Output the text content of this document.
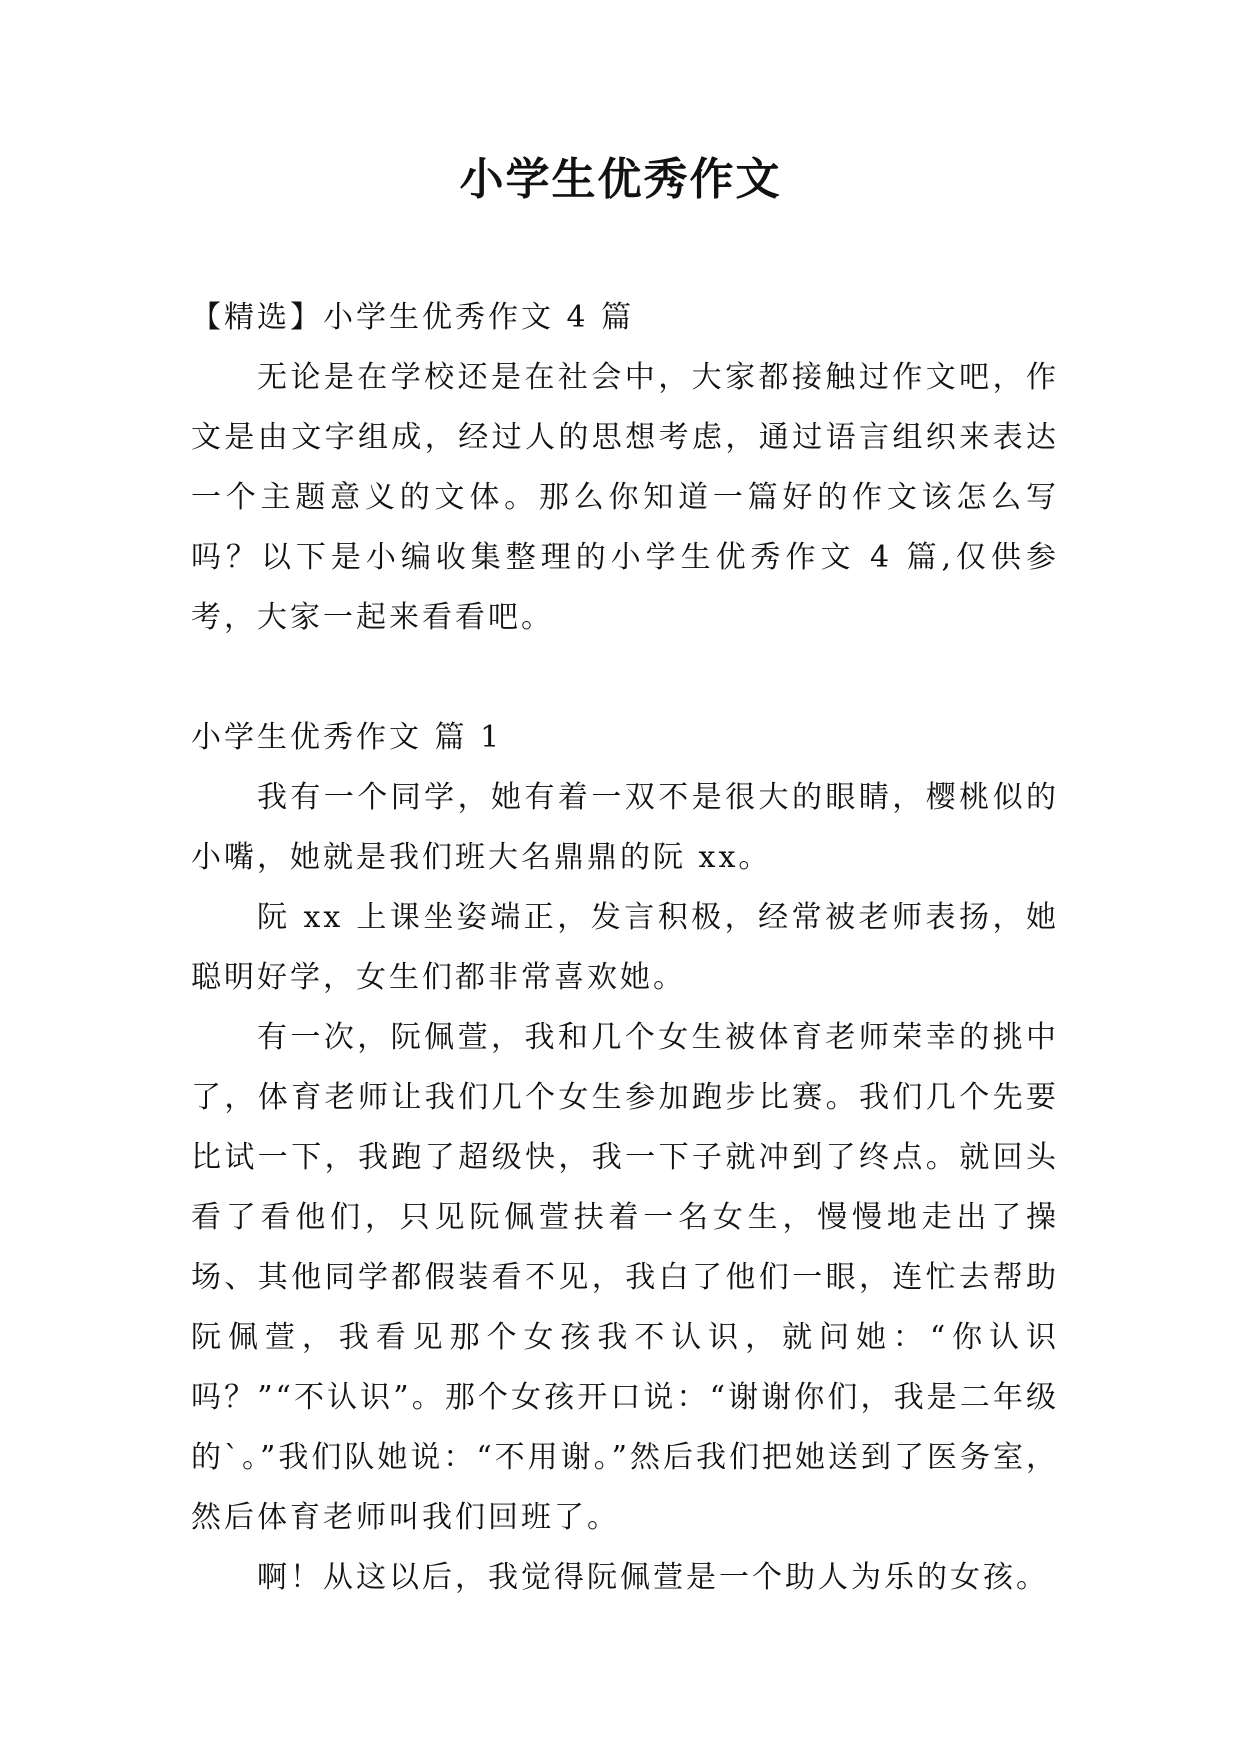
小学生优秀作文

【精选】小学生优秀作文 4 篇

无论是在学校还是在社会中，大家都接触过作文吧，作文是由文字组成，经过人的思想考虑，通过语言组织来表达一个主题意义的文体。那么你知道一篇好的作文该怎么写吗？以下是小编收集整理的小学生优秀作文 4 篇,仅供参考，大家一起来看看吧。

小学生优秀作文 篇 1

我有一个同学，她有着一双不是很大的眼睛，樱桃似的小嘴，她就是我们班大名鼎鼎的阮 xx。

阮 xx 上课坐姿端正，发言积极，经常被老师表扬，她聪明好学，女生们都非常喜欢她。

有一次，阮佩萱，我和几个女生被体育老师荣幸的挑中了，体育老师让我们几个女生参加跑步比赛。我们几个先要比试一下，我跑了超级快，我一下子就冲到了终点。就回头看了看他们，只见阮佩萱扶着一名女生，慢慢地走出了操场、其他同学都假装看不见，我白了他们一眼，连忙去帮助阮佩萱，我看见那个女孩我不认识，就问她：“你认识吗？”“不认识”。那个女孩开口说：“谢谢你们，我是二年级的`。”我们队她说：“不用谢。”然后我们把她送到了医务室，然后体育老师叫我们回班了。

啊！从这以后，我觉得阮佩萱是一个助人为乐的女孩。
